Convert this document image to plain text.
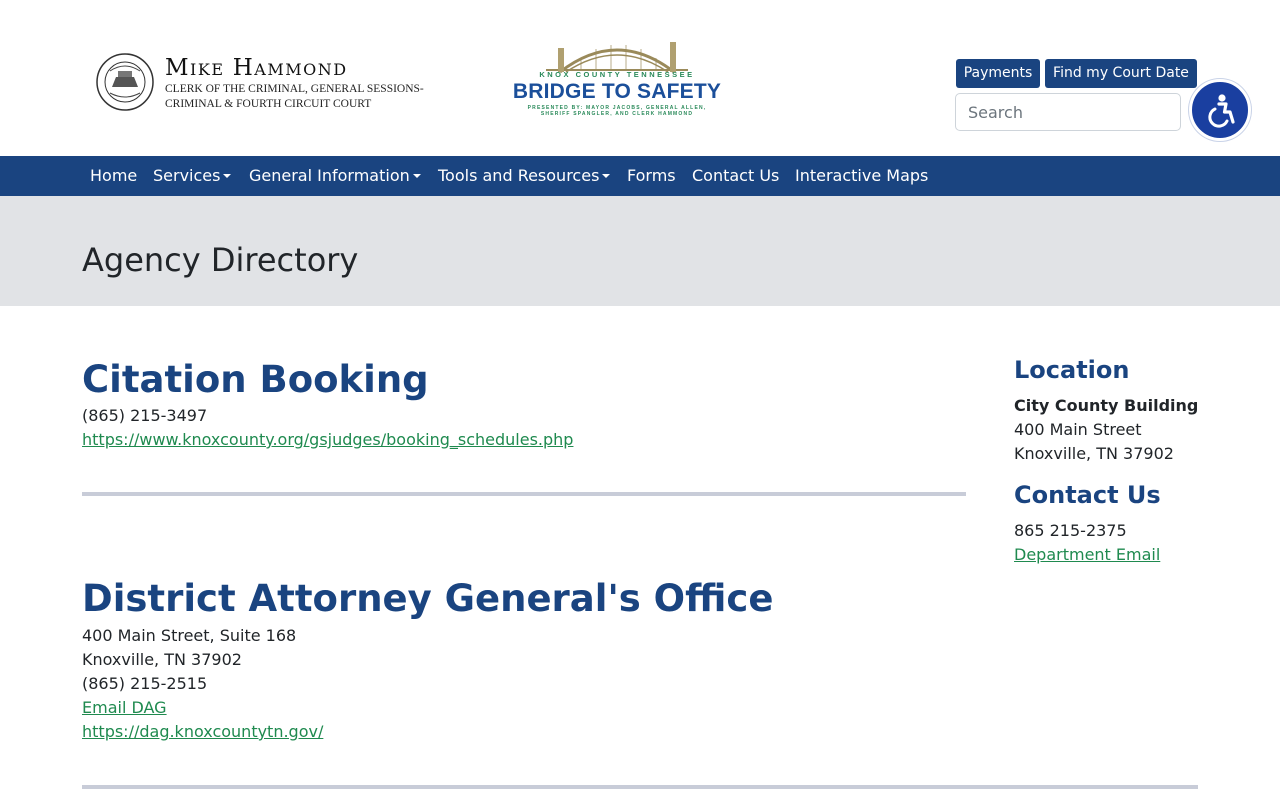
Mike Hammond
CLERK OF THE CRIMINAL, GENERAL SESSIONS-
CRIMINAL & FOURTH CIRCUIT COURT
KNOX COUNTY TENNESSEE
BRIDGE TO SAFETY
PRESENTED BY: MAYOR JACOBS, GENERAL ALLEN,
SHERIFF SPANGLER, AND CLERK HAMMOND
Payments	Find my Court Date
Search
Home Services	General Information	Tools and Resources	Forms Contact Us Interactive Maps
Agency Directory
Citation Booking
(865) 215-3497
https://www.knoxcounty.org/gsjudges/booking_schedules.php
District Attorney General's Office
400 Main Street, Suite 168
Knoxville, TN 37902
(865) 215-2515
Email DAG
https://dag.knoxcountytn.gov/
Location
City County Building
400 Main Street
Knoxville, TN 37902
Contact Us
865 215-2375
Department Email
